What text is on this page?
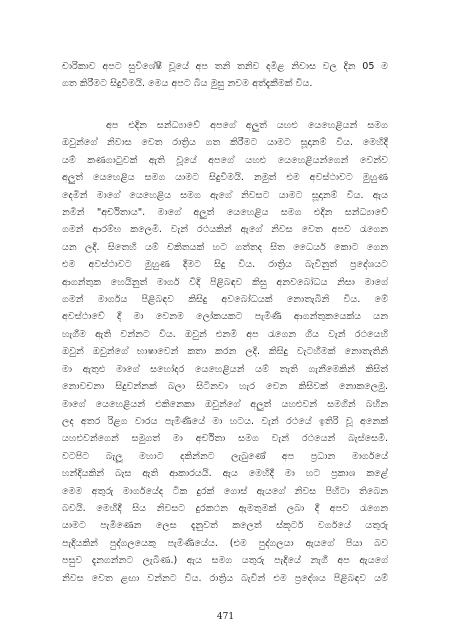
චාරිකාව අපට සුවිශේෂී වූයේ අප තනි තනිව දමිළ නිවාස වල දින 05 ම
ගත කිරීමට සිදුවීමයි. මෙය අපට බිය මුසු නවම අත්දැකීමක් විය.
අප එදින සන්ධ්‍යාවේ අපගේ අලුත් යහළු යෙහෙළියන් සමග
ඔවුන්ගේ නිවාස වෙත රාත්‍රිය ගත කිරීමට යාමට සූදානම් විය. මෙහිදී
යම් කණගාටුවක් ඇති වූයේ අපගේ යහළු යෙහෙළියන්ගෙන් වෙන්ව
අලුත් යෙහෙළිය සමග යාමට සිදුවීමයි. නමුත් එම අවස්ථාවට මුහුණ
දෙමින් මාගේ යෙහෙළිය සමග ඇගේ නිවසට යාමට සූදානම් විය. ඇය
නමින් "අර්චිතාය". මාගේ අලුත් යෙහෙළිය සමග එදින සන්ධ්‍යාවේ
ගමන් ආරම්භ කලෙමි. වැන් රථයකින් ඇගේ නිවස වෙත අපව රැගෙන
යන ලදී. සිතෙහි යම් චකිතයක් හට ගත්තද සිත ධෛර්ය කොට ගෙන
එම අවස්ථාවට මුහුණ දීමට සිදු විය. රාත්‍රිය බැවිනුත් ප්‍රදේශයට
ආගන්තුක හෙයිනුත් මාර්ග විදි පිළිබඳව කිසු අනවබෝධය නිසා මාගේ
ගමන් මාර්ගය පිළිබඳව කිසිදු අවබෝධයක් නොතැබිනි විය. මේ
අවස්ථාවේ දී මා වෙනම ලෝකයකට පැමිණි ආගන්තුකයෙක්ය යන
හැගීම ඇති වන්නට විය. ඔවුන් එනමි අප රැගෙන ගිය වැන් රථයෙහි
ඔවුන් ඔවුන්ගේ භාෂාවෙන් කතා කරන ලදි. කිසිදු වැටහීමක් නොතැතිනි
මා ඇතුළු මාගේ සහෝදර යෙහෙළියන් යම් තැති ගැනීමෙකින් කිසිත්
නොවචනා සිදුවන්නක් බලා සිටිනවා හැර වෙන කිසිවක් නොකලෙමු.
මාගේ යෙහෙළියන් එකිනෙකා ඔවුන්ගේ අලුත් යහළුවන් සමගින් බහින
ලද අතර රිළග වාරය පැමිණියේ මා හටය. වැන් රථයේ ඉතිරි වූ අනෙක්
යහළුවන්ගෙන් සමුගත් මා අර්චිතා සමග වැන් රථයෙන් බැස්සෙමි.
වටපිට බැලූ මහාට දකින්නට ලැබුණේ අප ප්‍රධාන මාර්ගයේ
හන්දියකින් බැස ඇති ආකාරයයි. ඇය මෙහිදී මා හට ප්‍රකාශ කළේ
මෙම අතුරු මාර්ගයේද ටික දුරක් ගොස් ඇයගේ නිවස පිහිටා තිබෙන
බවයි. මෙහිදී සිය නිවසට දුරකථන ඇමතුමක් ලබා දී අපව රැගෙන
යාමට පැමිණෙන ලෙස දැනුවත් කලෙත් ස්කූටර් වර්ගයේ යතුරු
පැදියකින් පුද්ගලයෙකු පැමිණියේය. (එම පුද්ගලයා ඇයගේ පියා බව
පසුව දැනගන්නට ලැබිණ.) ඇය සමග යතුරු පැදියේ නැගී අප ඇයගේ
නිවස වෙත ළඟා වන්නට විය. රාත්‍රිය බැවින් එම ප්‍රදේශය පිළිබඳව යම්
471
